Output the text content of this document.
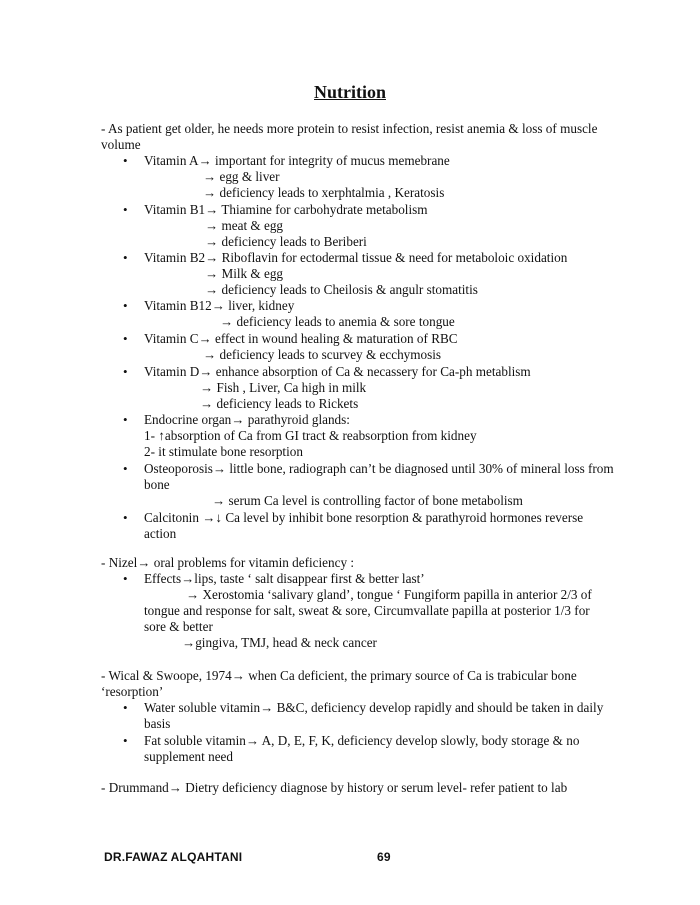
Nutrition
- As patient get older, he needs more protein to resist infection, resist anemia & loss of muscle volume
• Vitamin A→ important for integrity of mucus memebrane
→ egg & liver
→ deficiency leads to xerphtalmia , Keratosis
• Vitamin B1→ Thiamine for carbohydrate metabolism
→ meat & egg
→ deficiency leads to Beriberi
• Vitamin B2→ Riboflavin for ectodermal tissue & need for metaboloic oxidation
→ Milk & egg
→ deficiency leads to Cheilosis & angulr stomatitis
• Vitamin B12→ liver, kidney
→ deficiency leads to anemia & sore tongue
• Vitamin C→ effect in wound healing & maturation of RBC
→ deficiency leads to scurvey & ecchymosis
• Vitamin D→ enhance absorption of Ca & necassery for Ca-ph metablism
→ Fish , Liver, Ca high in milk
→ deficiency leads to Rickets
• Endocrine organ→ parathyroid glands:
1- ↑absorption of Ca from GI tract & reabsorption from kidney
2- it stimulate bone resorption
• Osteoporosis→ little bone, radiograph can’t be diagnosed until 30% of mineral loss from bone
→ serum Ca level is controlling factor of bone metabolism
• Calcitonin →↓ Ca level by inhibit bone resorption & parathyroid hormones reverse action
- Nizel→ oral problems for vitamin deficiency :
• Effects→lips, taste ‘ salt disappear first & better last’
→ Xerostomia ‘salivary gland’, tongue ‘ Fungiform papilla in anterior 2/3 of tongue and response for salt, sweat & sore, Circumvallate papilla at posterior 1/3 for sore & better
→gingiva, TMJ, head & neck cancer
- Wical & Swoope, 1974→ when Ca deficient, the primary source of Ca is trabicular bone ‘resorption’
• Water soluble vitamin→ B&C, deficiency develop rapidly and should be taken in daily basis
• Fat soluble vitamin→ A, D, E, F, K, deficiency develop slowly, body storage & no supplement need
- Drummand→ Dietry deficiency diagnose by history or serum level- refer patient to lab
DR.FAWAZ ALQAHTANI	69
